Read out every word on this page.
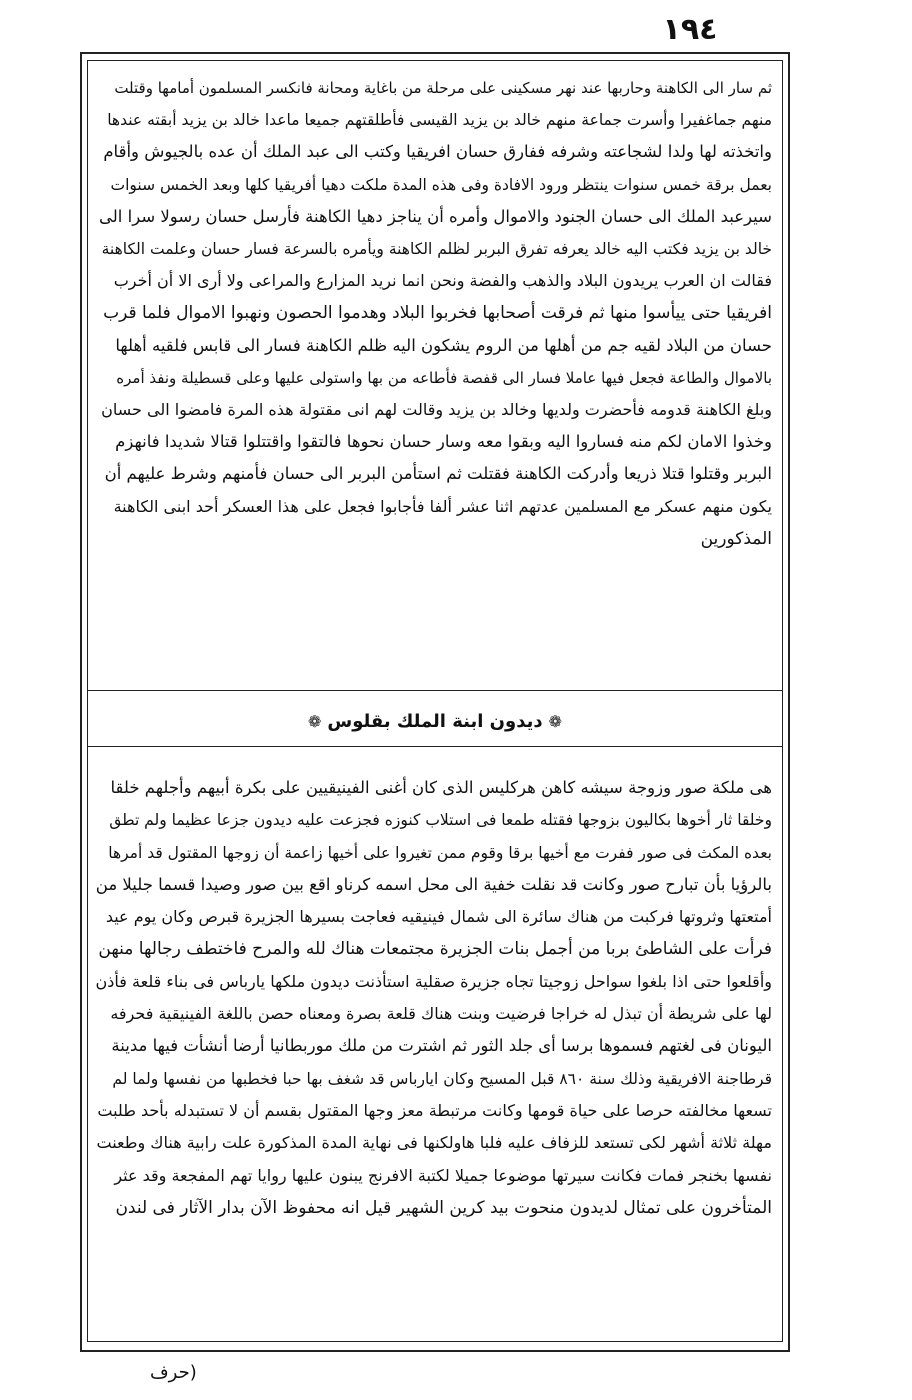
١٩٤
ثم سار الى الكاهنة وحاربها عند نهر مسكينى على مرحلة من باغاية ومحانة فانكسر المسلمون أمامها وقتلت
منهم جماغفيرا وأسرت جماعة منهم خالد بن يزيد القيسى فأطلقتهم جميعا ماعدا خالد بن يزيد أبقته عندها
واتخذته لها ولدا لشجاعته وشرفه ففارق حسان افريقيا وكتب الى عبد الملك أن عده بالجيوش وأقام
بعمل برقة خمس سنوات ينتظر ورود الافادة وفى هذه المدة ملكت دهيا أفريقيا كلها وبعد الخمس سنوات
سيرعبد الملك الى حسان الجنود والاموال وأمره أن يناجز دهيا الكاهنة فأرسل حسان رسولا سرا الى
خالد بن يزيد فكتب اليه خالد يعرفه تفرق البربر لظلم الكاهنة ويأمره بالسرعة فسار حسان وعلمت الكاهنة
فقالت ان العرب يريدون البلاد والذهب والفضة ونحن انما نريد المزارع والمراعى ولا أرى الا أن أخرب
افريقيا حتى ييأسوا منها ثم فرقت أصحابها فخربوا البلاد وهدموا الحصون ونهبوا الاموال فلما قرب
حسان من البلاد لقيه جم من أهلها من الروم يشكون اليه ظلم الكاهنة فسار الى قابس فلقيه أهلها
بالاموال والطاعة فجعل فيها عاملا فسار الى قفصة فأطاعه من بها واستولى عليها وعلى قسطيلة ونفذ أمره
وبلغ الكاهنة قدومه فأحضرت ولديها وخالد بن يزيد وقالت لهم انى مقتولة هذه المرة فامضوا الى حسان
وخذوا الامان لكم منه فساروا اليه وبقوا معه وسار حسان نحوها فالتقوا واقتتلوا قتالا شديدا فانهزم
البربر وقتلوا قتلا ذريعا وأدركت الكاهنة فقتلت ثم استأمن البربر الى حسان فأمنهم وشرط عليهم أن
يكون منهم عسكر مع المسلمين عدتهم اثنا عشر ألفا فأجابوا فجعل على هذا العسكر أحد ابنى الكاهنة
المذكورين
❁
ديدون ابنة الملك بقلوس
❁
هى ملكة صور وزوجة سيشه كاهن هركليس الذى كان أغنى الفينيقيين على بكرة أبيهم وأجلهم خلقا
وخلقا ثار أخوها بكاليون بزوجها فقتله طمعا فى استلاب كنوزه فجزعت عليه ديدون جزعا عظيما ولم تطق
بعده المكث فى صور ففرت مع أخيها برقا وقوم ممن تغيروا على أخيها زاعمة أن زوجها المقتول قد أمرها
بالرؤيا بأن تبارح صور وكانت قد نقلت خفية الى محل اسمه كرناو اقع بين صور وصيدا قسما جليلا من
أمتعتها وثروتها فركبت من هناك سائرة الى شمال فينيقيه فعاجت بسيرها الجزيرة قبرص وكان يوم عيد
فرأت على الشاطئ بربا من أجمل بنات الجزيرة مجتمعات هناك لله والمرح فاختطف رجالها منهن
وأقلعوا حتى اذا بلغوا سواحل زوجيتا تجاه جزيرة صقلية استأذنت ديدون ملكها يارباس فى بناء قلعة فأذن
لها على شريطة أن تبذل له خراجا فرضيت وبنت هناك قلعة بصرة ومعناه حصن باللغة الفينيقية فحرفه
اليونان فى لغتهم فسموها برسا أى جلد الثور ثم اشترت من ملك موربطانيا أرضا أنشأت فيها مدينة
قرطاجنة الافريقية وذلك سنة ٨٦٠ قبل المسيح وكان ايارباس قد شغف بها حبا فخطبها من نفسها ولما لم
تسعها مخالفته حرصا على حياة قومها وكانت مرتبطة معز وجها المقتول بقسم أن لا تستبدله بأحد طلبت
مهلة ثلاثة أشهر لكى تستعد للزفاف عليه فلبا هاولكنها فى نهاية المدة المذكورة علت رابية هناك وطعنت
نفسها بخنجر فمات فكانت سيرتها موضوعا جميلا لكتبة الافرنج يبنون عليها روايا تهم المفجعة وقد عثر
المتأخرون على تمثال لديدون منحوت بيد كرين الشهير قيل انه محفوظ الآن بدار الآثار فى لندن
(حرف
